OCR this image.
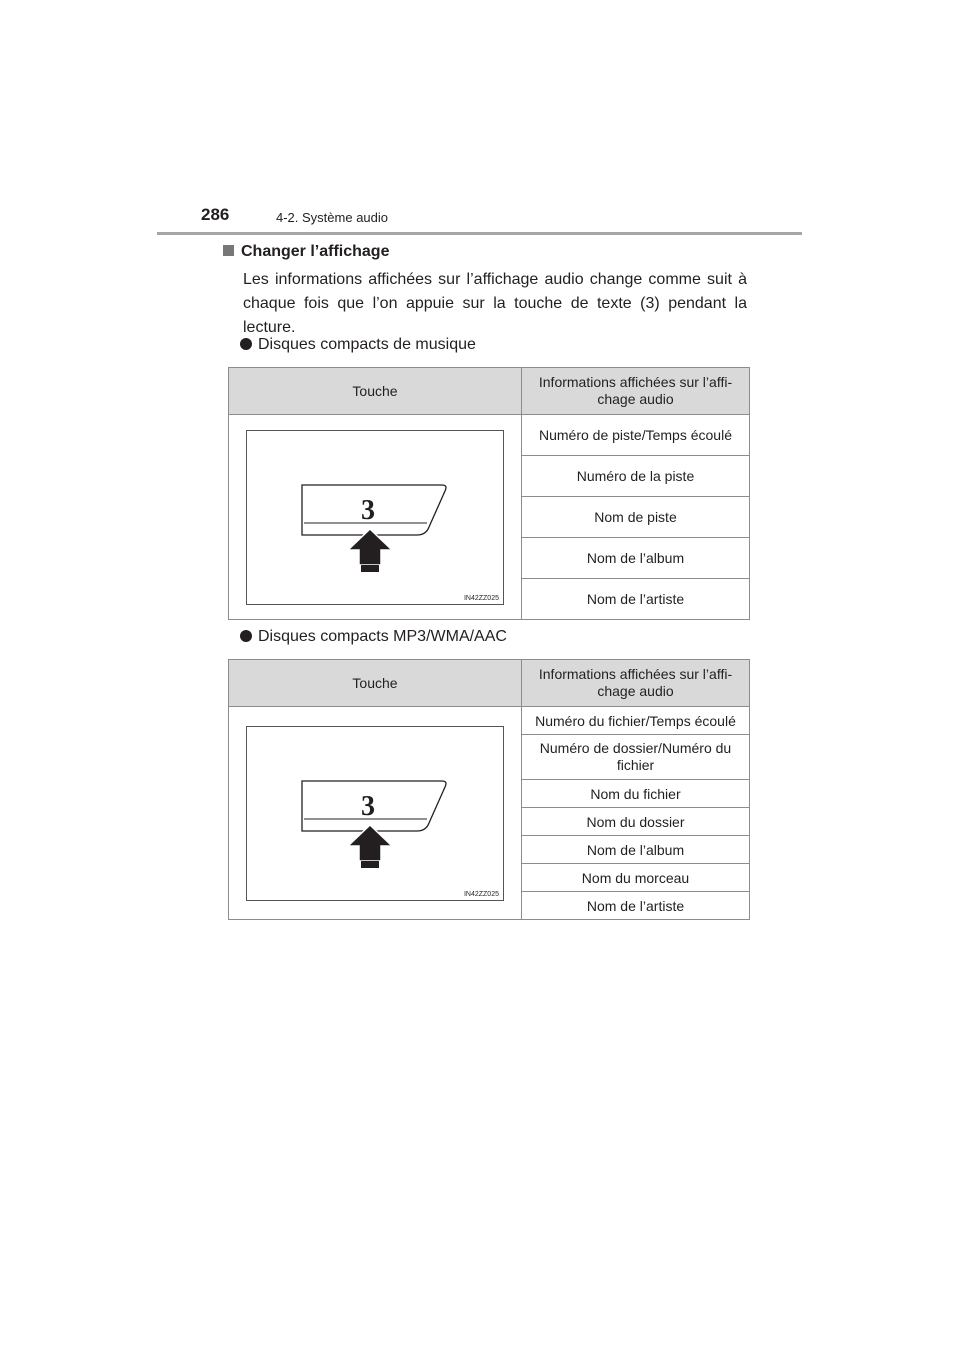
286	4-2. Système audio
Changer l’affichage
Les informations affichées sur l’affichage audio change comme suit à chaque fois que l’on appuie sur la touche de texte (3) pendant la lecture.
Disques compacts de musique
Touche	Informations affichées sur l’affi-
chage audio

3
IN42ZZ025	Numéro de piste/Temps écoulé
	Numéro de la piste
	Nom de piste
	Nom de l’album
	Nom de l’artiste
Disques compacts MP3/WMA/AAC
Touche	Informations affichées sur l’affi-
chage audio

3
IN42ZZ025	Numéro du fichier/Temps écoulé
	Numéro de dossier/Numéro du
fichier
	Nom du fichier
	Nom du dossier
	Nom de l’album
	Nom du morceau
	Nom de l’artiste
